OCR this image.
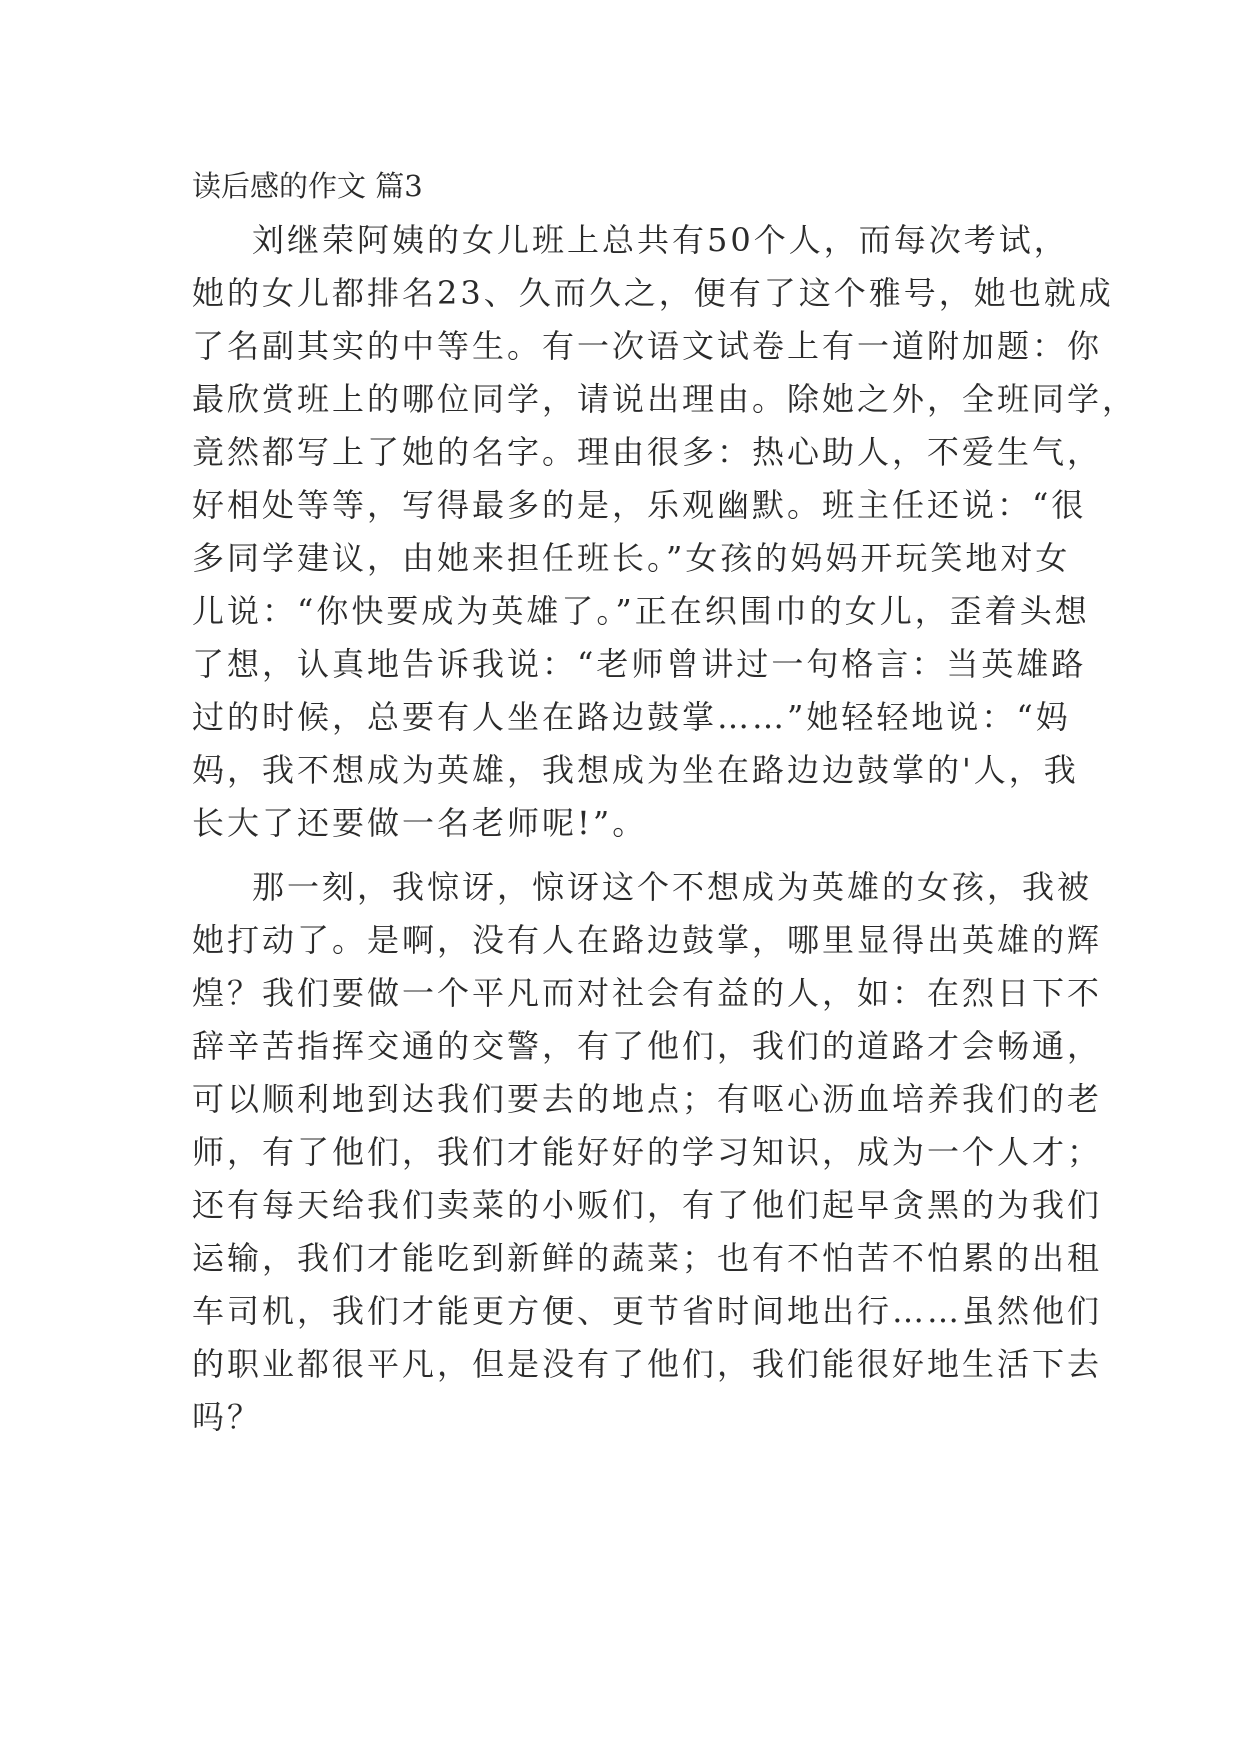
读后感的作文 篇3
刘继荣阿姨的女儿班上总共有50个人，而每次考试，
她的女儿都排名23、久而久之，便有了这个雅号，她也就成
了名副其实的中等生。有一次语文试卷上有一道附加题：你
最欣赏班上的哪位同学，请说出理由。除她之外，全班同学，
竟然都写上了她的名字。理由很多：热心助人，不爱生气，
好相处等等，写得最多的是，乐观幽默。班主任还说：“很
多同学建议，由她来担任班长。”女孩的妈妈开玩笑地对女
儿说：“你快要成为英雄了。”正在织围巾的女儿，歪着头想
了想，认真地告诉我说：“老师曾讲过一句格言：当英雄路
过的时候，总要有人坐在路边鼓掌……”她轻轻地说：“妈
妈，我不想成为英雄，我想成为坐在路边边鼓掌的'人，我
长大了还要做一名老师呢!”。
那一刻，我惊讶，惊讶这个不想成为英雄的女孩，我被
她打动了。是啊，没有人在路边鼓掌，哪里显得出英雄的辉
煌？我们要做一个平凡而对社会有益的人，如：在烈日下不
辞辛苦指挥交通的交警，有了他们，我们的道路才会畅通，
可以顺利地到达我们要去的地点；有呕心沥血培养我们的老
师，有了他们，我们才能好好的学习知识，成为一个人才；
还有每天给我们卖菜的小贩们，有了他们起早贪黑的为我们
运输，我们才能吃到新鲜的蔬菜；也有不怕苦不怕累的出租
车司机，我们才能更方便、更节省时间地出行……虽然他们
的职业都很平凡，但是没有了他们，我们能很好地生活下去
吗？
